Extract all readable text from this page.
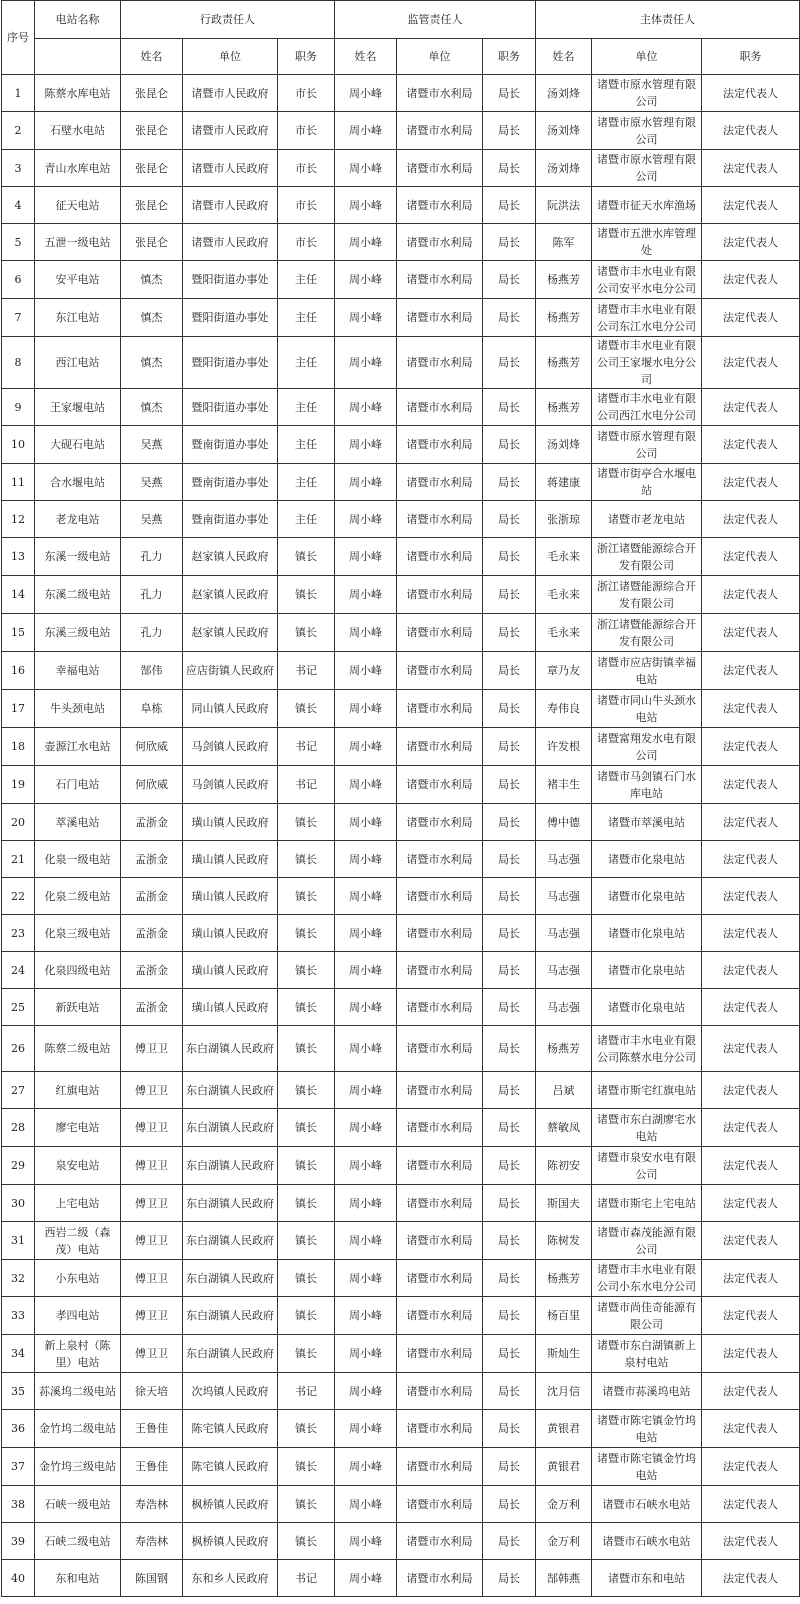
序号	电站名称	行政责任人			监管责任人			主体责任人		
		姓名	单位	职务	姓名	单位	职务	姓名	单位	职务
1	陈蔡水库电站	张昆仑	诸暨市人民政府	市长	周小峰	诸暨市水利局	局长	汤刘烽	诸暨市原水管理有限公司	法定代表人
2	石壁水电站	张昆仑	诸暨市人民政府	市长	周小峰	诸暨市水利局	局长	汤刘烽	诸暨市原水管理有限公司	法定代表人
3	青山水库电站	张昆仑	诸暨市人民政府	市长	周小峰	诸暨市水利局	局长	汤刘烽	诸暨市原水管理有限公司	法定代表人
4	征天电站	张昆仑	诸暨市人民政府	市长	周小峰	诸暨市水利局	局长	阮洪法	诸暨市征天水库渔场	法定代表人
5	五泄一级电站	张昆仑	诸暨市人民政府	市长	周小峰	诸暨市水利局	局长	陈军	诸暨市五泄水库管理处	法定代表人
6	安平电站	慎杰	暨阳街道办事处	主任	周小峰	诸暨市水利局	局长	杨燕芳	诸暨市丰水电业有限公司安平水电分公司	法定代表人
7	东江电站	慎杰	暨阳街道办事处	主任	周小峰	诸暨市水利局	局长	杨燕芳	诸暨市丰水电业有限公司东江水电分公司	法定代表人
8	西江电站	慎杰	暨阳街道办事处	主任	周小峰	诸暨市水利局	局长	杨燕芳	诸暨市丰水电业有限公司王家堰水电分公司	法定代表人
9	王家堰电站	慎杰	暨阳街道办事处	主任	周小峰	诸暨市水利局	局长	杨燕芳	诸暨市丰水电业有限公司西江水电分公司	法定代表人
10	大砚石电站	吴燕	暨南街道办事处	主任	周小峰	诸暨市水利局	局长	汤刘烽	诸暨市原水管理有限公司	法定代表人
11	合水堰电站	吴燕	暨南街道办事处	主任	周小峰	诸暨市水利局	局长	蒋建康	诸暨市街亭合水堰电站	法定代表人
12	老龙电站	吴燕	暨南街道办事处	主任	周小峰	诸暨市水利局	局长	张浙琼	诸暨市老龙电站	法定代表人
13	东溪一级电站	孔力	赵家镇人民政府	镇长	周小峰	诸暨市水利局	局长	毛永来	浙江诸暨能源综合开发有限公司	法定代表人
14	东溪二级电站	孔力	赵家镇人民政府	镇长	周小峰	诸暨市水利局	局长	毛永来	浙江诸暨能源综合开发有限公司	法定代表人
15	东溪三级电站	孔力	赵家镇人民政府	镇长	周小峰	诸暨市水利局	局长	毛永来	浙江诸暨能源综合开发有限公司	法定代表人
16	幸福电站	郜伟	应店街镇人民政府	书记	周小峰	诸暨市水利局	局长	章乃友	诸暨市应店街镇幸福电站	法定代表人
17	牛头颈电站	阜栋	同山镇人民政府	镇长	周小峰	诸暨市水利局	局长	寿伟良	诸暨市同山牛头颈水电站	法定代表人
18	壶源江水电站	何欣威	马剑镇人民政府	书记	周小峰	诸暨市水利局	局长	许发根	诸暨富翔发水电有限公司	法定代表人
19	石门电站	何欣威	马剑镇人民政府	书记	周小峰	诸暨市水利局	局长	褚丰生	诸暨市马剑镇石门水库电站	法定代表人
20	萃溪电站	孟浙金	璜山镇人民政府	镇长	周小峰	诸暨市水利局	局长	傅中德	诸暨市萃溪电站	法定代表人
21	化泉一级电站	孟浙金	璜山镇人民政府	镇长	周小峰	诸暨市水利局	局长	马志强	诸暨市化泉电站	法定代表人
22	化泉二级电站	孟浙金	璜山镇人民政府	镇长	周小峰	诸暨市水利局	局长	马志强	诸暨市化泉电站	法定代表人
23	化泉三级电站	孟浙金	璜山镇人民政府	镇长	周小峰	诸暨市水利局	局长	马志强	诸暨市化泉电站	法定代表人
24	化泉四级电站	孟浙金	璜山镇人民政府	镇长	周小峰	诸暨市水利局	局长	马志强	诸暨市化泉电站	法定代表人
25	新跃电站	孟浙金	璜山镇人民政府	镇长	周小峰	诸暨市水利局	局长	马志强	诸暨市化泉电站	法定代表人
26	陈蔡二级电站	傅卫卫	东白湖镇人民政府	镇长	周小峰	诸暨市水利局	局长	杨燕芳	诸暨市丰水电业有限公司陈蔡水电分公司	法定代表人
27	红旗电站	傅卫卫	东白湖镇人民政府	镇长	周小峰	诸暨市水利局	局长	吕斌	诸暨市斯宅红旗电站	法定代表人
28	廖宅电站	傅卫卫	东白湖镇人民政府	镇长	周小峰	诸暨市水利局	局长	蔡敏凤	诸暨市东白湖廖宅水电站	法定代表人
29	泉安电站	傅卫卫	东白湖镇人民政府	镇长	周小峰	诸暨市水利局	局长	陈初安	诸暨市泉安水电有限公司	法定代表人
30	上宅电站	傅卫卫	东白湖镇人民政府	镇长	周小峰	诸暨市水利局	局长	斯国夫	诸暨市斯宅上宅电站	法定代表人
31	西岩二级（森茂）电站	傅卫卫	东白湖镇人民政府	镇长	周小峰	诸暨市水利局	局长	陈树发	诸暨市森茂能源有限公司	法定代表人
32	小东电站	傅卫卫	东白湖镇人民政府	镇长	周小峰	诸暨市水利局	局长	杨燕芳	诸暨市丰水电业有限公司小东水电分公司	法定代表人
33	孝四电站	傅卫卫	东白湖镇人民政府	镇长	周小峰	诸暨市水利局	局长	杨百里	诸暨市尚佳奇能源有限公司	法定代表人
34	新上泉村（陈里）电站	傅卫卫	东白湖镇人民政府	镇长	周小峰	诸暨市水利局	局长	斯灿生	诸暨市东白湖镇新上泉村电站	法定代表人
35	荪溪坞二级电站	徐天培	次坞镇人民政府	书记	周小峰	诸暨市水利局	局长	沈月信	诸暨市荪溪坞电站	法定代表人
36	金竹坞二级电站	王鲁佳	陈宅镇人民政府	镇长	周小峰	诸暨市水利局	局长	黄银君	诸暨市陈宅镇金竹坞电站	法定代表人
37	金竹坞三级电站	王鲁佳	陈宅镇人民政府	镇长	周小峰	诸暨市水利局	局长	黄银君	诸暨市陈宅镇金竹坞电站	法定代表人
38	石峡一级电站	寿浩林	枫桥镇人民政府	镇长	周小峰	诸暨市水利局	局长	金万利	诸暨市石峡水电站	法定代表人
39	石峡二级电站	寿浩林	枫桥镇人民政府	镇长	周小峰	诸暨市水利局	局长	金万利	诸暨市石峡水电站	法定代表人
40	东和电站	陈国钢	东和乡人民政府	书记	周小峰	诸暨市水利局	局长	郜韩燕	诸暨市东和电站	法定代表人
